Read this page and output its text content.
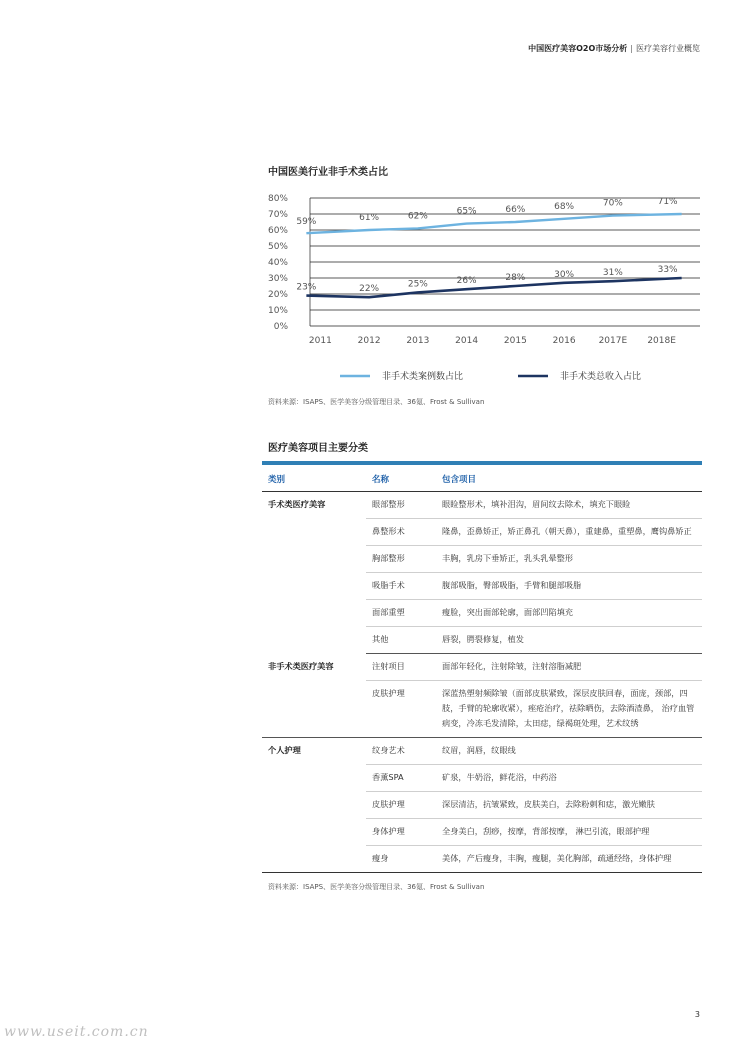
中国医疗美容O2O市场分析 | 医疗美容行业概览
中国医美行业非手术类占比
0%
10%
20%
30%
40%
50%
60%
70%
80%
2011	2012	2013	2014	2015	2016	2017E 2018E
59%	61%	62%	65%	66%	68%	70%	71%
23%	22%	25%	26%	28%	30%	31%	33%
非手术类案例数占比	非手术类总收入占比
资料来源：ISAPS、医学美容分级管理目录、36氪、Frost & Sullivan
医疗美容项目主要分类
类别	名称	包含项目
手术类医疗美容	眼部整形	眼睑整形术，填补泪沟，眉间纹去除术，填充下眼睑
	鼻整形术	隆鼻，歪鼻矫正，矫正鼻孔（朝天鼻），重建鼻，重塑鼻，鹰钩鼻矫正
	胸部整形	丰胸，乳房下垂矫正，乳头乳晕整形
	吸脂手术	腹部吸脂，臀部吸脂，手臂和腿部吸脂
	面部重塑	瘦脸，突出面部轮廓，面部凹陷填充
	其他	唇裂，腭裂修复，植发
非手术类医疗美容	注射项目	面部年轻化，注射除皱，注射溶脂减肥
	皮肤护理	深蓝热塑射频除皱（面部皮肤紧致，深层皮肤回春，面庞，颈部，四肢，手臂的轮廓收紧），痤疮治疗，祛除晒伤，去除酒渣鼻， 治疗血管病变，冷冻毛发清除，太田痣，绿褐斑处理，艺术纹绣
个人护理	纹身艺术	纹眉，润唇，纹眼线
	香薰SPA	矿泉，牛奶浴，鲜花浴，中药浴
	皮肤护理	深层清洁，抗皱紧致，皮肤美白，去除粉刺和痣，激光嫩肤
	身体护理	全身美白，刮痧，按摩，背部按摩， 淋巴引流，眼部护理
	瘦身	美体，产后瘦身，丰胸，瘦腿，美化胸部，疏通经络，身体护理
资料来源：ISAPS、医学美容分级管理目录、36氪、Frost & Sullivan
3
www.useit.com.cn
